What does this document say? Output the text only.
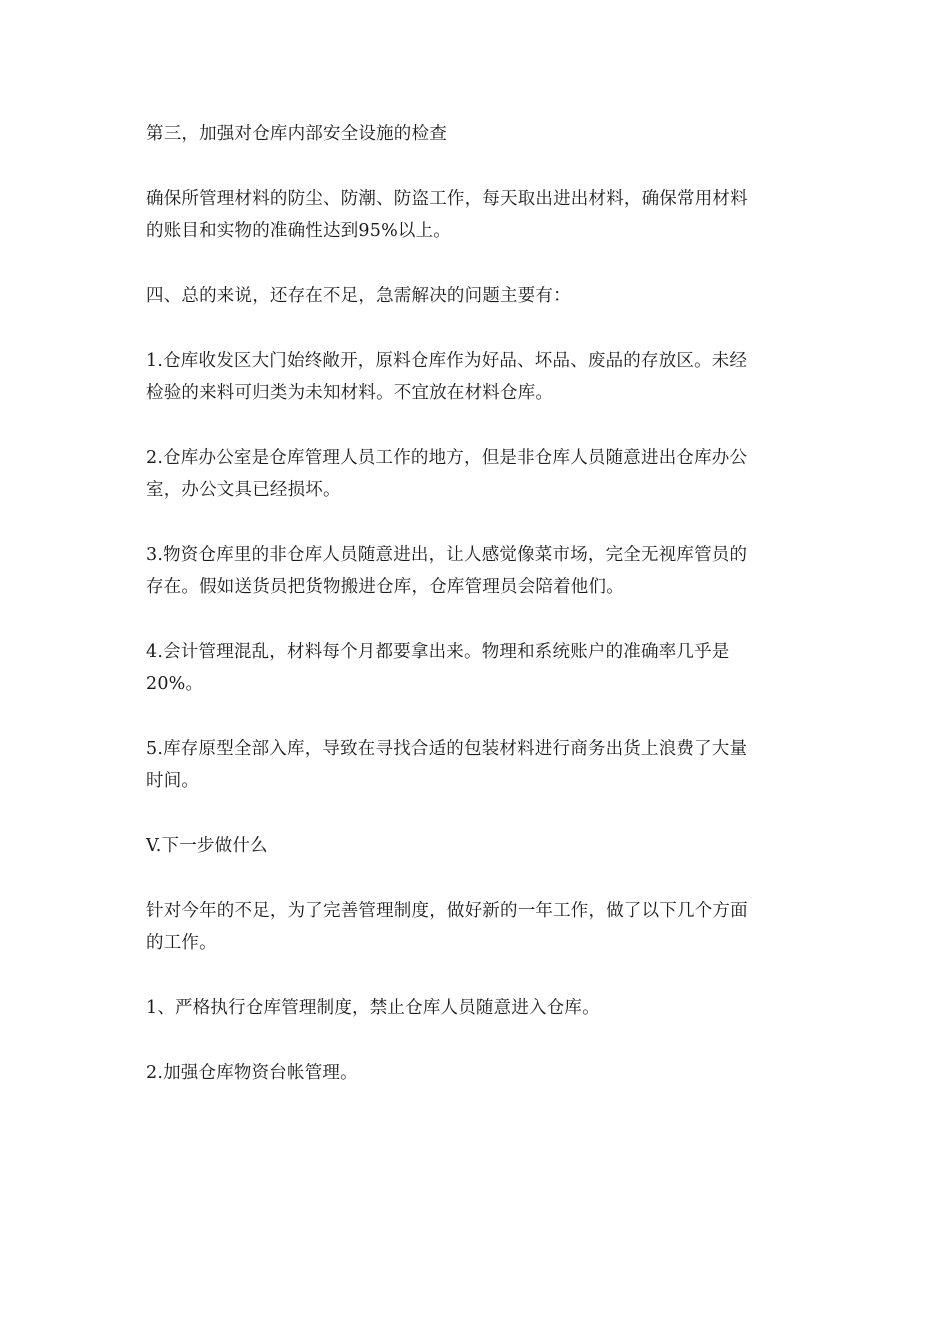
第三，加强对仓库内部安全设施的检查

确保所管理材料的防尘、防潮、防盗工作，每天取出进出材料，确保常用材料
的账目和实物的准确性达到95%以上。

四、总的来说，还存在不足，急需解决的问题主要有：

1.仓库收发区大门始终敞开，原料仓库作为好品、坏品、废品的存放区。未经
检验的来料可归类为未知材料。不宜放在材料仓库。

2.仓库办公室是仓库管理人员工作的地方，但是非仓库人员随意进出仓库办公
室，办公文具已经损坏。

3.物资仓库里的非仓库人员随意进出，让人感觉像菜市场，完全无视库管员的
存在。假如送货员把货物搬进仓库，仓库管理员会陪着他们。

4.会计管理混乱，材料每个月都要拿出来。物理和系统账户的准确率几乎是
20%。

5.库存原型全部入库，导致在寻找合适的包装材料进行商务出货上浪费了大量
时间。

V.下一步做什么

针对今年的不足，为了完善管理制度，做好新的一年工作，做了以下几个方面
的工作。

1、严格执行仓库管理制度，禁止仓库人员随意进入仓库。

2.加强仓库物资台帐管理。
